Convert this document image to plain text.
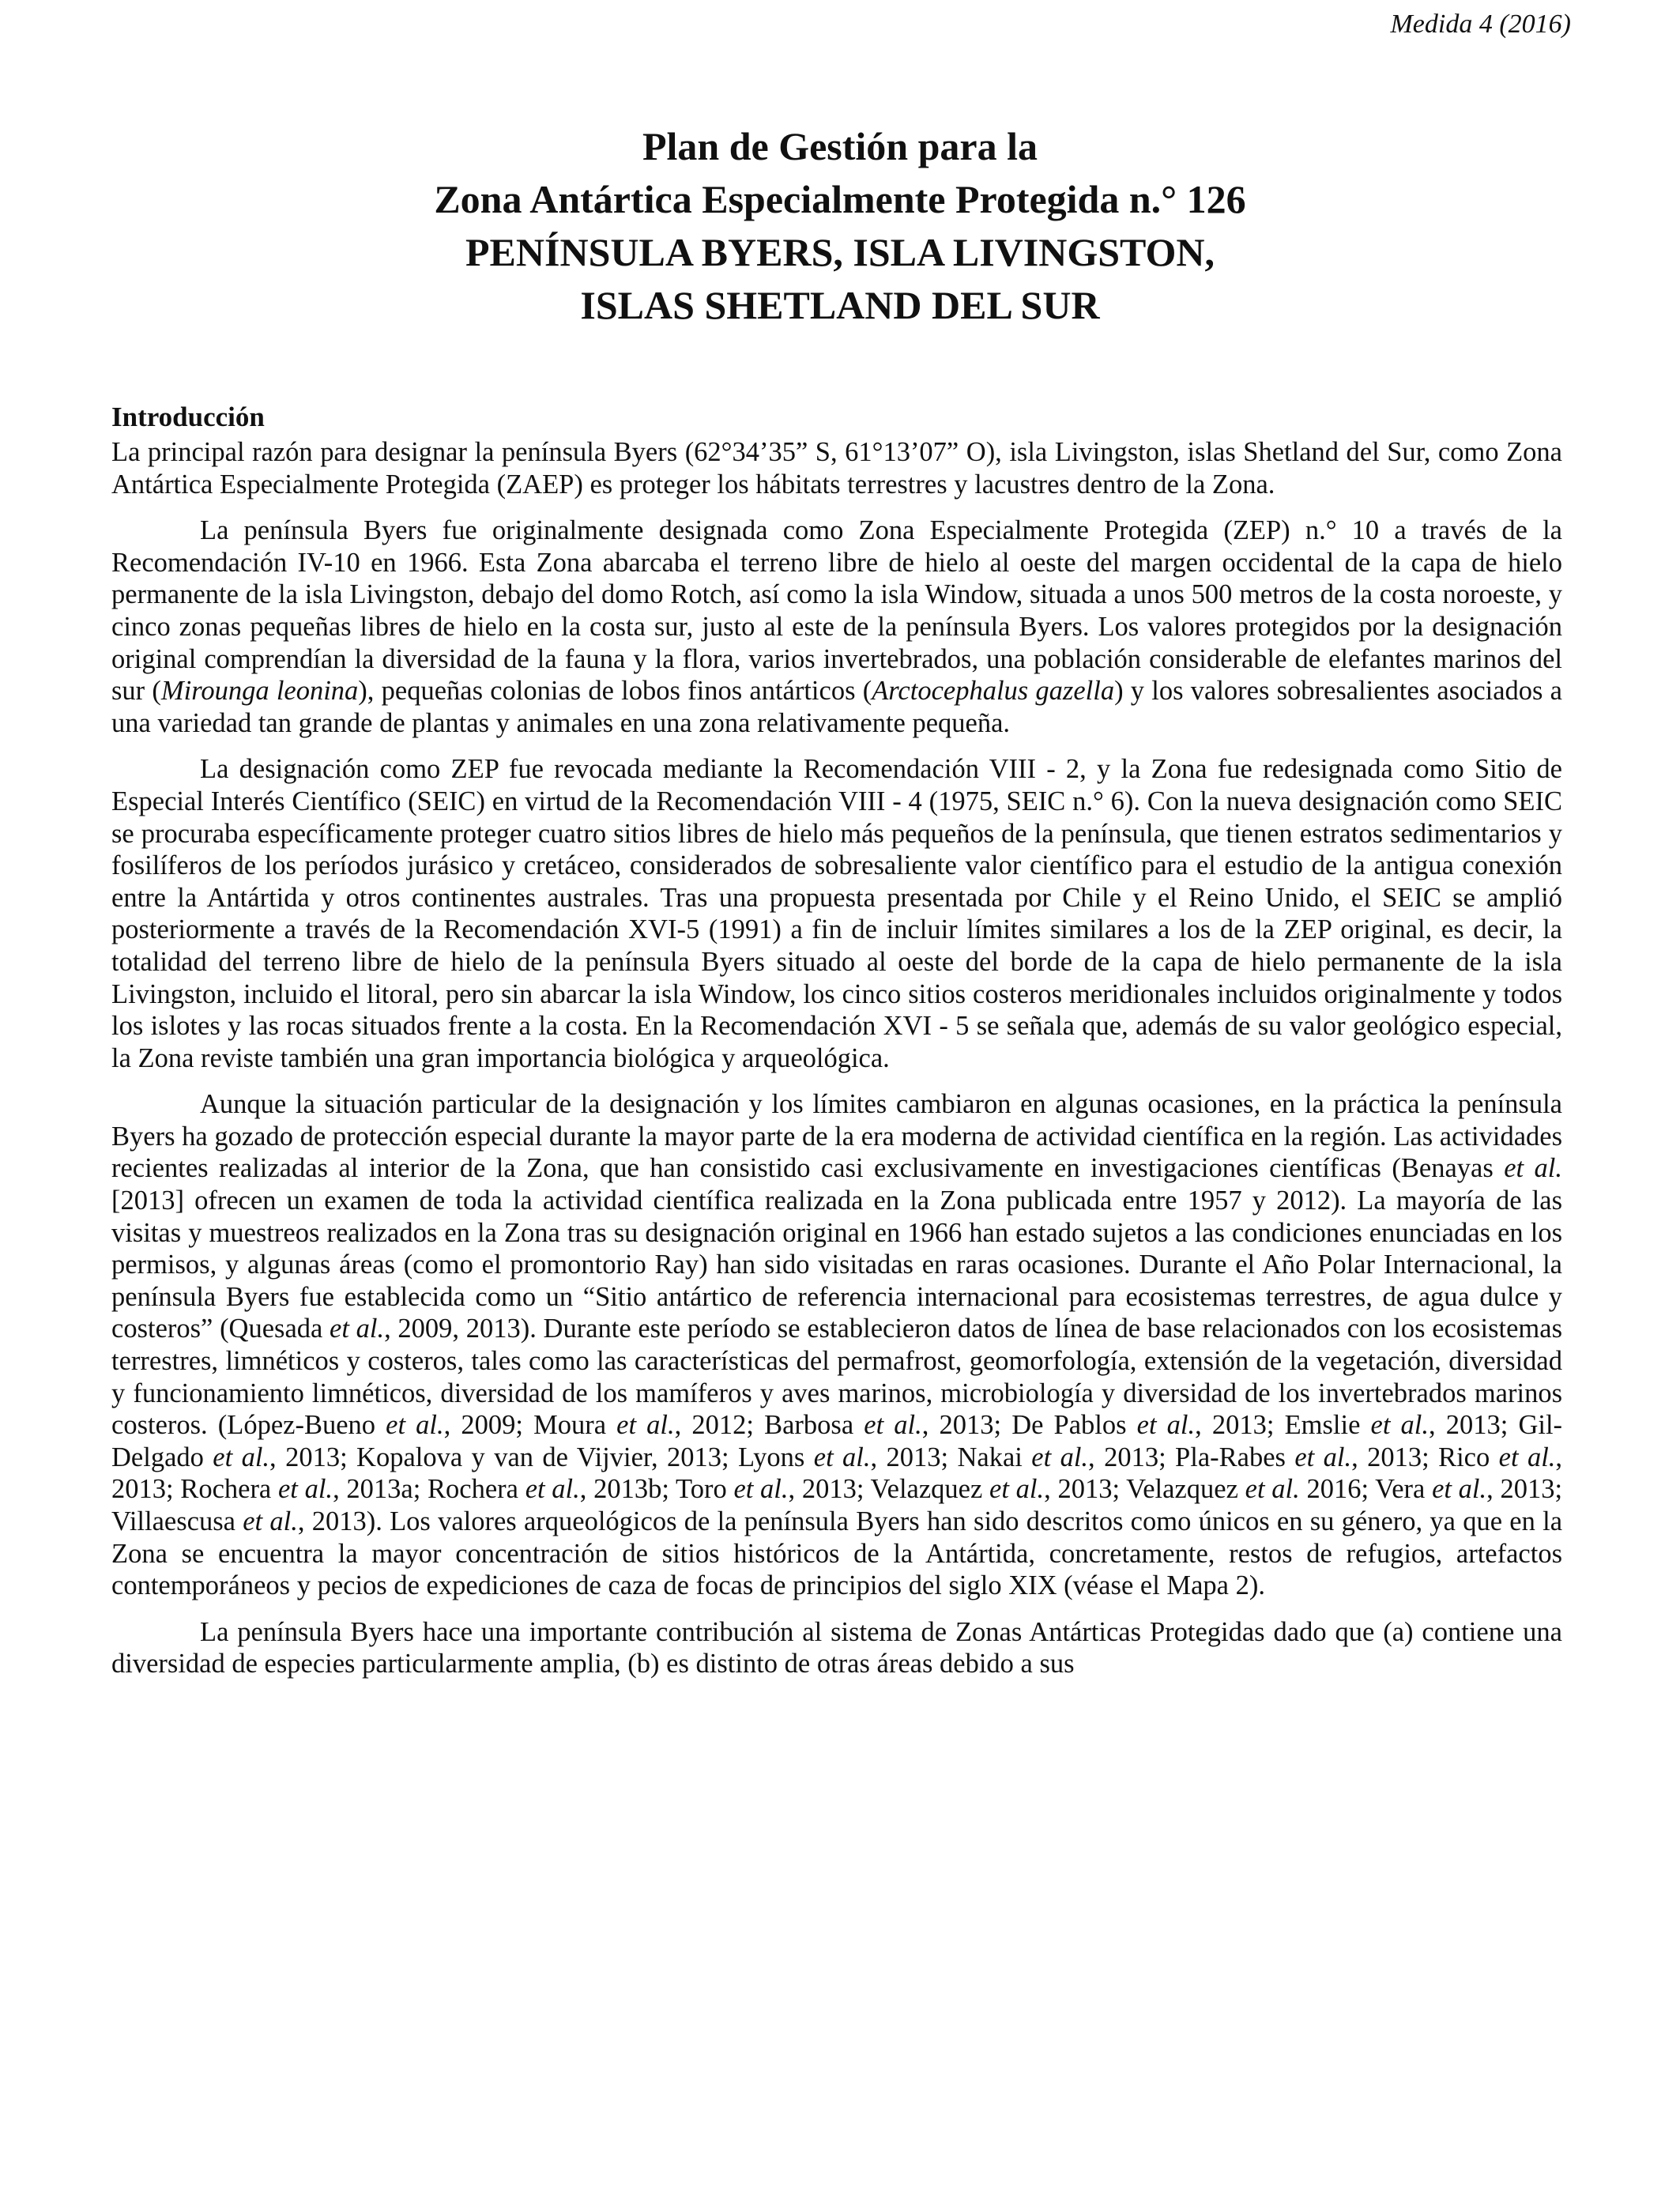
Medida 4 (2016)
Plan de Gestión para la
Zona Antártica Especialmente Protegida n.° 126
PENÍNSULA BYERS, ISLA LIVINGSTON,
ISLAS SHETLAND DEL SUR
Introducción

La principal razón para designar la península Byers (62°34’35” S, 61°13’07” O), isla Livingston, islas Shetland del Sur, como Zona Antártica Especialmente Protegida (ZAEP) es proteger los hábitats terrestres y lacustres dentro de la Zona.

La península Byers fue originalmente designada como Zona Especialmente Protegida (ZEP) n.° 10 a través de la Recomendación IV-10 en 1966. Esta Zona abarcaba el terreno libre de hielo al oeste del margen occidental de la capa de hielo permanente de la isla Livingston, debajo del domo Rotch, así como la isla Window, situada a unos 500 metros de la costa noroeste, y cinco zonas pequeñas libres de hielo en la costa sur, justo al este de la península Byers. Los valores protegidos por la designación original comprendían la diversidad de la fauna y la flora, varios invertebrados, una población considerable de elefantes marinos del sur (Mirounga leonina), pequeñas colonias de lobos finos antárticos (Arctocephalus gazella) y los valores sobresalientes asociados a una variedad tan grande de plantas y animales en una zona relativamente pequeña.

La designación como ZEP fue revocada mediante la Recomendación VIII - 2, y la Zona fue redesignada como Sitio de Especial Interés Científico (SEIC) en virtud de la Recomendación VIII - 4 (1975, SEIC n.° 6). Con la nueva designación como SEIC se procuraba específicamente proteger cuatro sitios libres de hielo más pequeños de la península, que tienen estratos sedimentarios y fosilíferos de los períodos jurásico y cretáceo, considerados de sobresaliente valor científico para el estudio de la antigua conexión entre la Antártida y otros continentes australes. Tras una propuesta presentada por Chile y el Reino Unido, el SEIC se amplió posteriormente a través de la Recomendación XVI-5 (1991) a fin de incluir límites similares a los de la ZEP original, es decir, la totalidad del terreno libre de hielo de la península Byers situado al oeste del borde de la capa de hielo permanente de la isla Livingston, incluido el litoral, pero sin abarcar la isla Window, los cinco sitios costeros meridionales incluidos originalmente y todos los islotes y las rocas situados frente a la costa. En la Recomendación XVI - 5 se señala que, además de su valor geológico especial, la Zona reviste también una gran importancia biológica y arqueológica.

Aunque la situación particular de la designación y los límites cambiaron en algunas ocasiones, en la práctica la península Byers ha gozado de protección especial durante la mayor parte de la era moderna de actividad científica en la región. Las actividades recientes realizadas al interior de la Zona, que han consistido casi exclusivamente en investigaciones científicas (Benayas et al. [2013] ofrecen un examen de toda la actividad científica realizada en la Zona publicada entre 1957 y 2012). La mayoría de las visitas y muestreos realizados en la Zona tras su designación original en 1966 han estado sujetos a las condiciones enunciadas en los permisos, y algunas áreas (como el promontorio Ray) han sido visitadas en raras ocasiones. Durante el Año Polar Internacional, la península Byers fue establecida como un “Sitio antártico de referencia internacional para ecosistemas terrestres, de agua dulce y costeros” (Quesada et al., 2009, 2013). Durante este período se establecieron datos de línea de base relacionados con los ecosistemas terrestres, limnéticos y costeros, tales como las características del permafrost, geomorfología, extensión de la vegetación, diversidad y funcionamiento limnéticos, diversidad de los mamíferos y aves marinos, microbiología y diversidad de los invertebrados marinos costeros. (López-Bueno et al., 2009; Moura et al., 2012; Barbosa et al., 2013; De Pablos et al., 2013; Emslie et al., 2013; Gil-Delgado et al., 2013; Kopalova y van de Vijvier, 2013; Lyons et al., 2013; Nakai et al., 2013; Pla-Rabes et al., 2013; Rico et al., 2013; Rochera et al., 2013a; Rochera et al., 2013b; Toro et al., 2013; Velazquez et al., 2013; Velazquez et al. 2016; Vera et al., 2013; Villaescusa et al., 2013). Los valores arqueológicos de la península Byers han sido descritos como únicos en su género, ya que en la Zona se encuentra la mayor concentración de sitios históricos de la Antártida, concretamente, restos de refugios, artefactos contemporáneos y pecios de expediciones de caza de focas de principios del siglo XIX (véase el Mapa 2).

La península Byers hace una importante contribución al sistema de Zonas Antárticas Protegidas dado que (a) contiene una diversidad de especies particularmente amplia, (b) es distinto de otras áreas debido a sus
